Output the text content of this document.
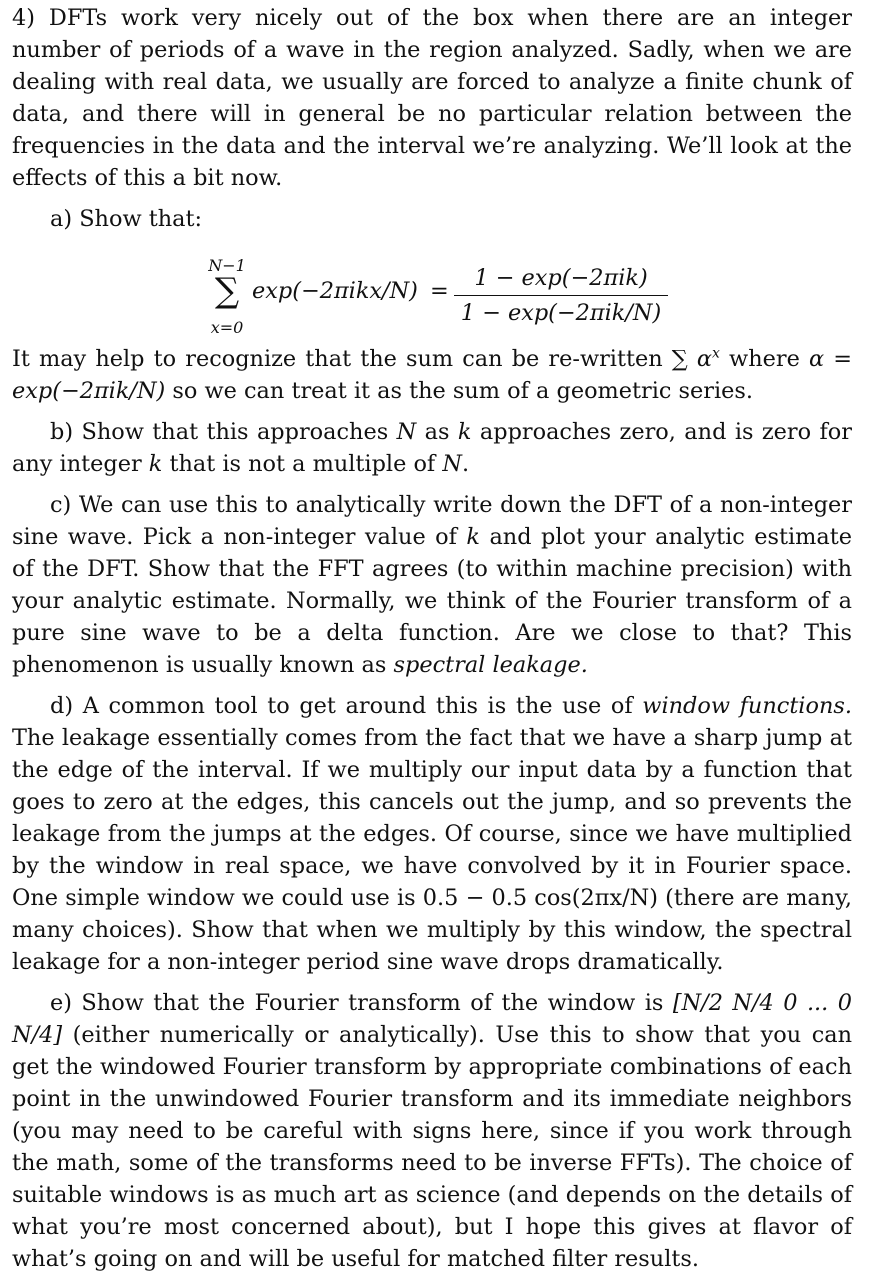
4) DFTs work very nicely out of the box when there are an integer number of periods of a wave in the region analyzed. Sadly, when we are dealing with real data, we usually are forced to analyze a finite chunk of data, and there will in general be no particular relation between the frequencies in the data and the interval we’re analyzing. We’ll look at the effects of this a bit now.

a) Show that:

N−1
∑
x=0
exp(−2πikx/N) =	1 − exp(−2πik)
1 − exp(−2πik/N)

It may help to recognize that the sum can be re-written ∑ $\alpha^x$ where α = exp(−2πik/N) so we can treat it as the sum of a geometric series.

b) Show that this approaches N as k approaches zero, and is zero for any integer k that is not a multiple of N.

c) We can use this to analytically write down the DFT of a non-integer sine wave. Pick a non-integer value of k and plot your analytic estimate of the DFT. Show that the FFT agrees (to within machine precision) with your analytic estimate. Normally, we think of the Fourier transform of a pure sine wave to be a delta function. Are we close to that? This phenomenon is usually known as spectral leakage.

d) A common tool to get around this is the use of window functions. The leakage essentially comes from the fact that we have a sharp jump at the edge of the interval. If we multiply our input data by a function that goes to zero at the edges, this cancels out the jump, and so prevents the leakage from the jumps at the edges. Of course, since we have multiplied by the window in real space, we have convolved by it in Fourier space. One simple window we could use is 0.5 − 0.5 cos(2πx/N) (there are many, many choices). Show that when we multiply by this window, the spectral leakage for a non-integer period sine wave drops dramatically.

e) Show that the Fourier transform of the window is [N/2 N/4 0 ... 0 N/4] (either numerically or analytically). Use this to show that you can get the windowed Fourier transform by appropriate combinations of each point in the unwindowed Fourier transform and its immediate neighbors (you may need to be careful with signs here, since if you work through the math, some of the transforms need to be inverse FFTs). The choice of suitable windows is as much art as science (and depends on the details of what you’re most concerned about), but I hope this gives at flavor of what’s going on and will be useful for matched filter results.
